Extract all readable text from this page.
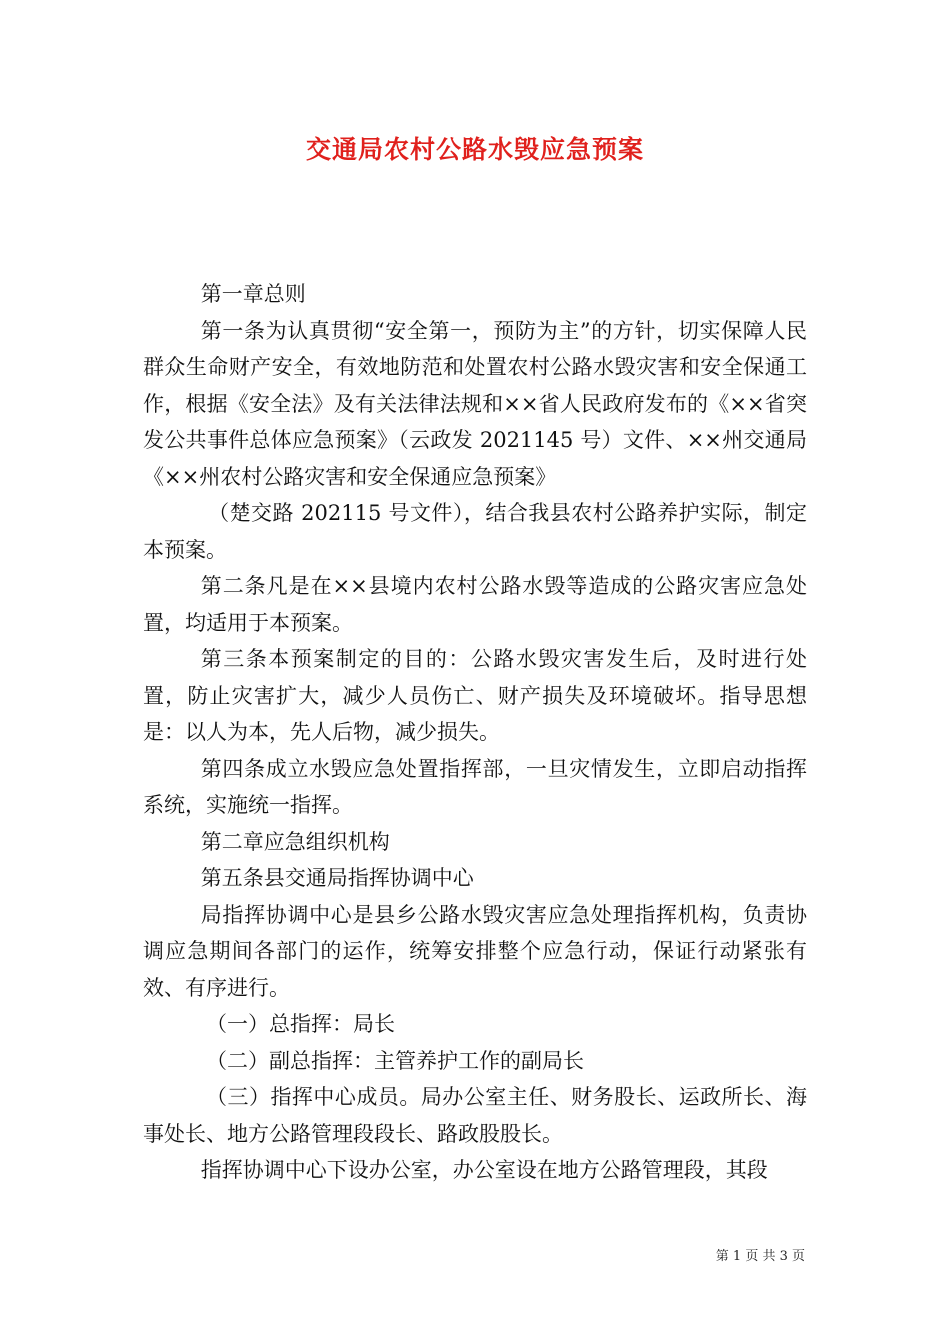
交通局农村公路水毁应急预案

第一章总则

第一条为认真贯彻“安全第一，预防为主”的方针，切实保障人民群众生命财产安全，有效地防范和处置农村公路水毁灾害和安全保通工作，根据《安全法》及有关法律法规和××省人民政府发布的《××省突发公共事件总体应急预案》（云政发 2021145 号）文件、××州交通局《××州农村公路灾害和安全保通应急预案》

（楚交路 202115 号文件），结合我县农村公路养护实际，制定本预案。

第二条凡是在××县境内农村公路水毁等造成的公路灾害应急处置，均适用于本预案。

第三条本预案制定的目的：公路水毁灾害发生后，及时进行处置，防止灾害扩大，减少人员伤亡、财产损失及环境破坏。指导思想是：以人为本，先人后物，减少损失。

第四条成立水毁应急处置指挥部，一旦灾情发生，立即启动指挥系统，实施统一指挥。

第二章应急组织机构

第五条县交通局指挥协调中心

局指挥协调中心是县乡公路水毁灾害应急处理指挥机构，负责协调应急期间各部门的运作，统筹安排整个应急行动，保证行动紧张有效、有序进行。

（一）总指挥：局长

（二）副总指挥：主管养护工作的副局长

（三）指挥中心成员。局办公室主任、财务股长、运政所长、海事处长、地方公路管理段段长、路政股股长。

指挥协调中心下设办公室，办公室设在地方公路管理段，其段

第 1 页 共 3 页
